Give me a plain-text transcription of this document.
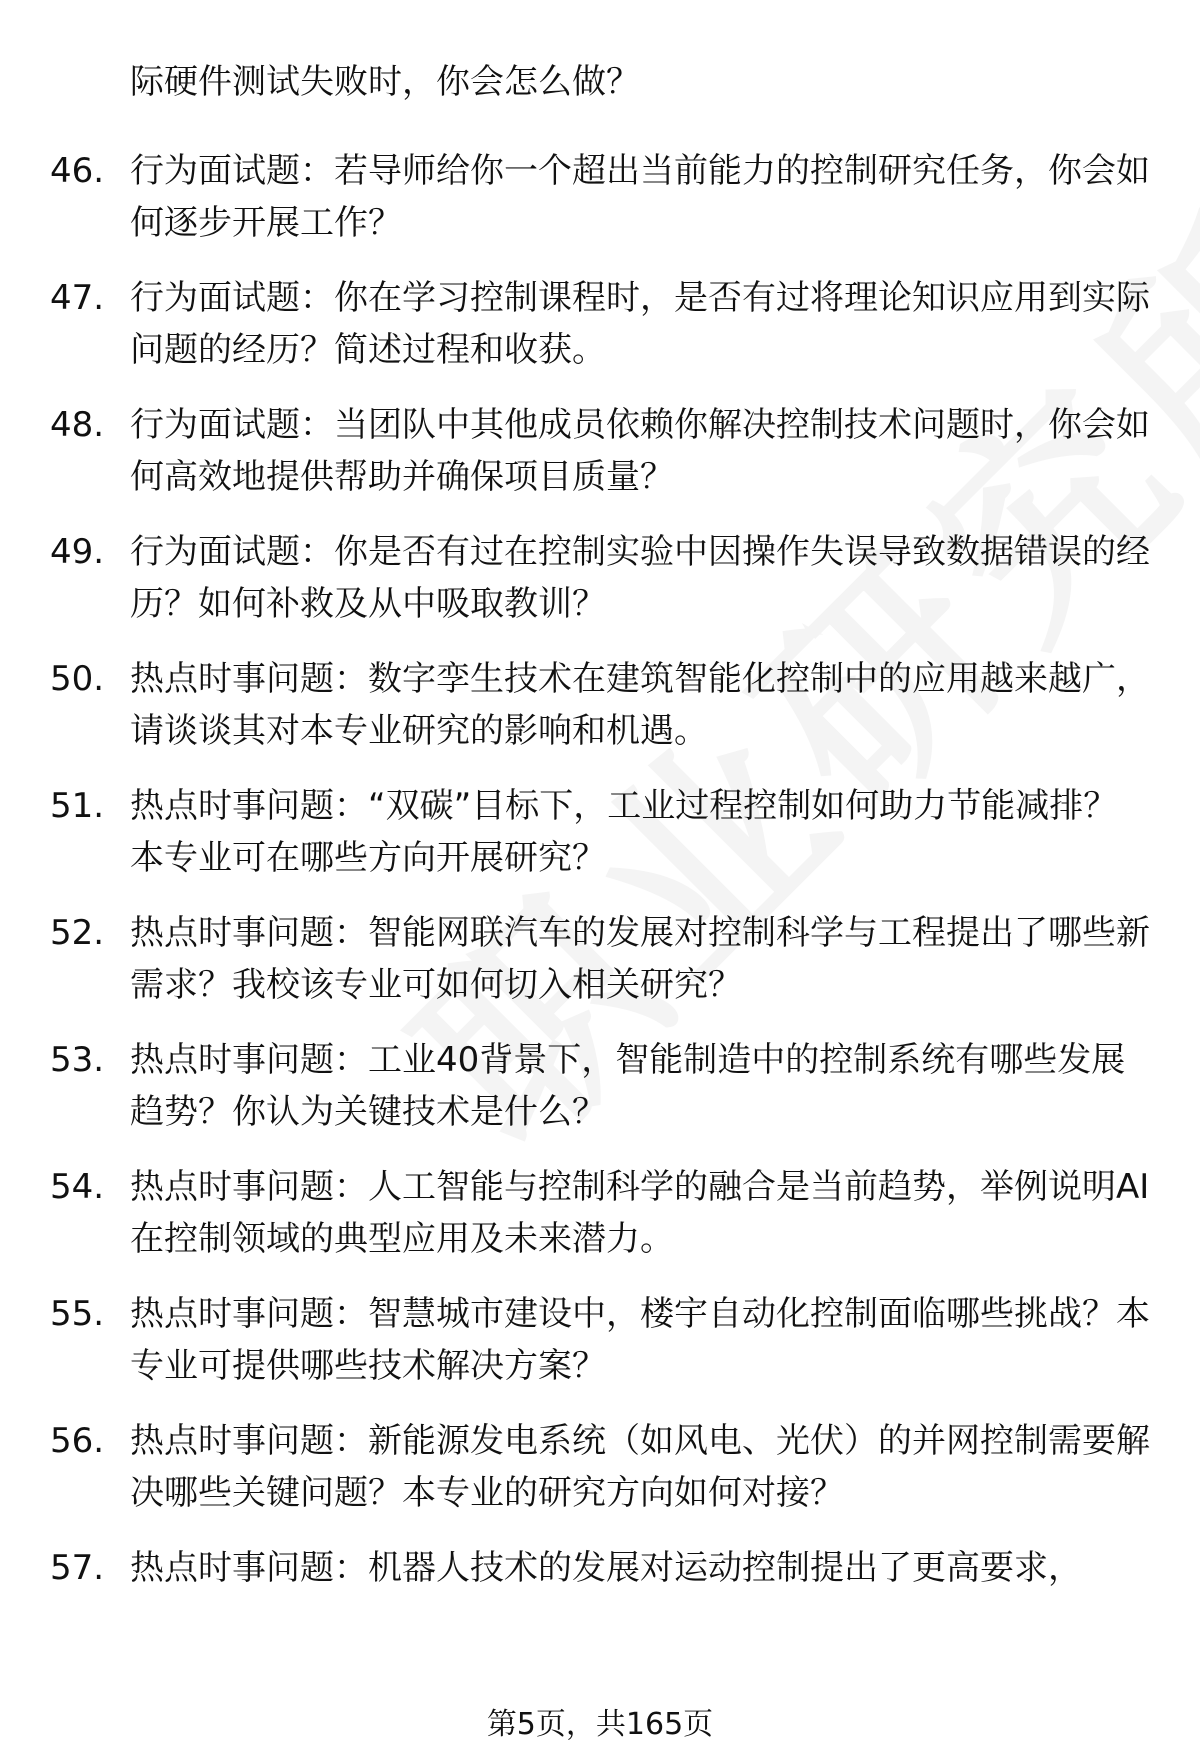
际硬件测试失败时，你会怎么做？
46. 行为面试题：若导师给你一个超出当前能力的控制研究任务，你会如何逐步开展工作？
47. 行为面试题：你在学习控制课程时，是否有过将理论知识应用到实际问题的经历？简述过程和收获。
48. 行为面试题：当团队中其他成员依赖你解决控制技术问题时，你会如何高效地提供帮助并确保项目质量？
49. 行为面试题：你是否有过在控制实验中因操作失误导致数据错误的经历？如何补救及从中吸取教训？
50. 热点时事问题：数字孪生技术在建筑智能化控制中的应用越来越广，请谈谈其对本专业研究的影响和机遇。
51. 热点时事问题：“双碳”目标下，工业过程控制如何助力节能减排？本专业可在哪些方向开展研究？
52. 热点时事问题：智能网联汽车的发展对控制科学与工程提出了哪些新需求？我校该专业可如何切入相关研究？
53. 热点时事问题：工业40背景下，智能制造中的控制系统有哪些发展趋势？你认为关键技术是什么？
54. 热点时事问题：人工智能与控制科学的融合是当前趋势，举例说明AI在控制领域的典型应用及未来潜力。
55. 热点时事问题：智慧城市建设中，楼宇自动化控制面临哪些挑战？本专业可提供哪些技术解决方案？
56. 热点时事问题：新能源发电系统（如风电、光伏）的并网控制需要解决哪些关键问题？本专业的研究方向如何对接？
57. 热点时事问题：机器人技术的发展对运动控制提出了更高要求，
第5页，共165页
